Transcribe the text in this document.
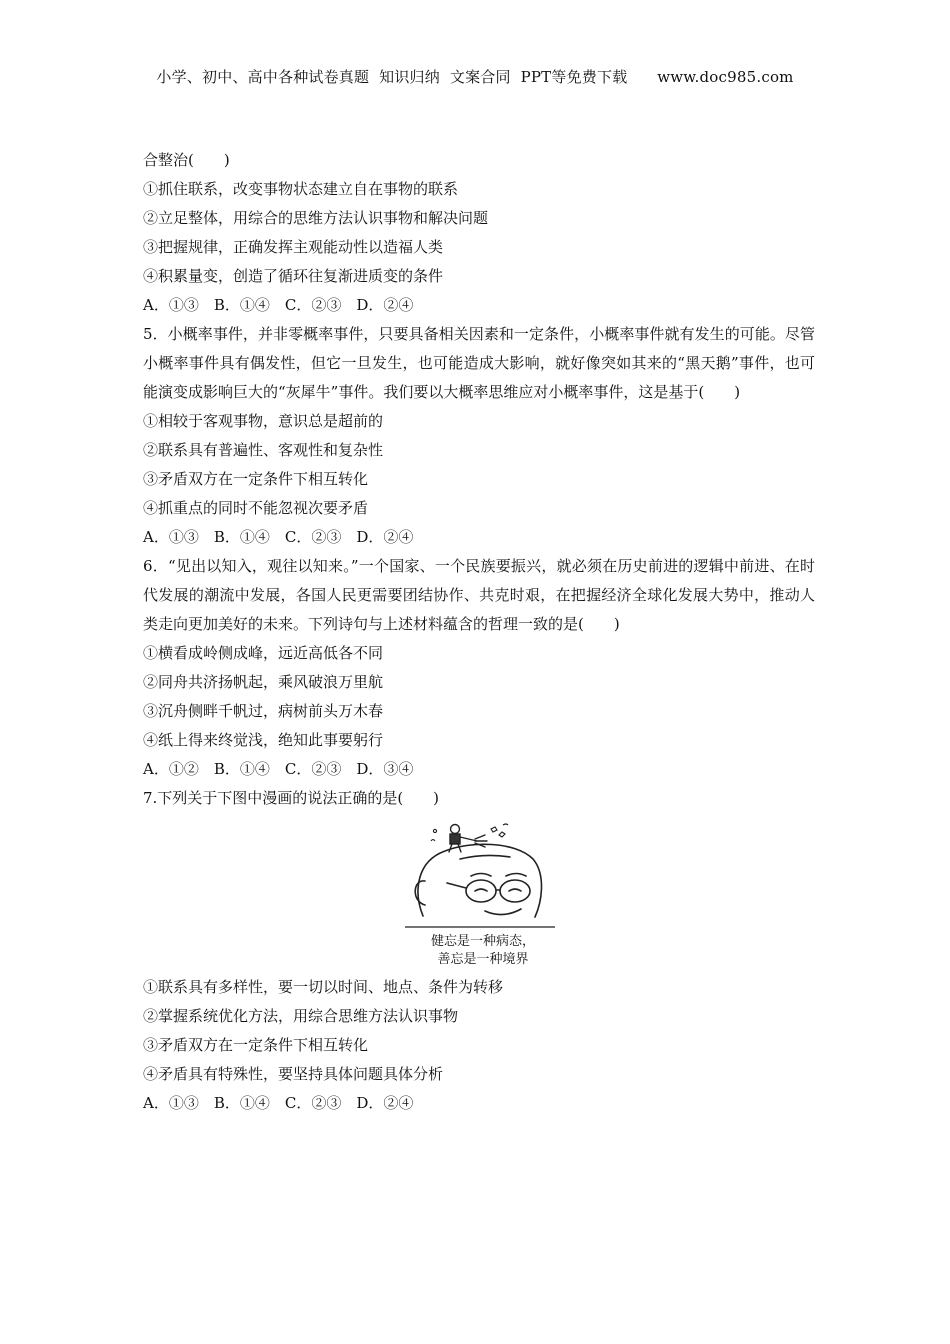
小学、初中、高中各种试卷真题  知识归纳  文案合同  PPT等免费下载      www.doc985.com
合整治(　　)
①抓住联系，改变事物状态建立自在事物的联系
②立足整体，用综合的思维方法认识事物和解决问题
③把握规律，正确发挥主观能动性以造福人类
④积累量变，创造了循环往复渐进质变的条件
A．①③　B．①④　C．②③　D．②④
5．小概率事件，并非零概率事件，只要具备相关因素和一定条件，小概率事件就有发生的可能。尽管小概率事件具有偶发性，但它一旦发生，也可能造成大影响，就好像突如其来的“黑天鹅”事件，也可能演变成影响巨大的“灰犀牛”事件。我们要以大概率思维应对小概率事件，这是基于(　　)
①相较于客观事物，意识总是超前的
②联系具有普遍性、客观性和复杂性
③矛盾双方在一定条件下相互转化
④抓重点的同时不能忽视次要矛盾
A．①③　B．①④　C．②③　D．②④
6．“见出以知入，观往以知来。”一个国家、一个民族要振兴，就必须在历史前进的逻辑中前进、在时代发展的潮流中发展，各国人民更需要团结协作、共克时艰，在把握经济全球化发展大势中，推动人类走向更加美好的未来。下列诗句与上述材料蕴含的哲理一致的是(　　)
①横看成岭侧成峰，远近高低各不同
②同舟共济扬帆起，乘风破浪万里航
③沉舟侧畔千帆过，病树前头万木春
④纸上得来终觉浅，绝知此事要躬行
A．①②　B．①④　C．②③　D．③④
7.下列关于下图中漫画的说法正确的是(　　)
健忘是一种病态，
善忘是一种境界
①联系具有多样性，要一切以时间、地点、条件为转移
②掌握系统优化方法，用综合思维方法认识事物
③矛盾双方在一定条件下相互转化
④矛盾具有特殊性，要坚持具体问题具体分析
A．①③　B．①④　C．②③　D．②④
